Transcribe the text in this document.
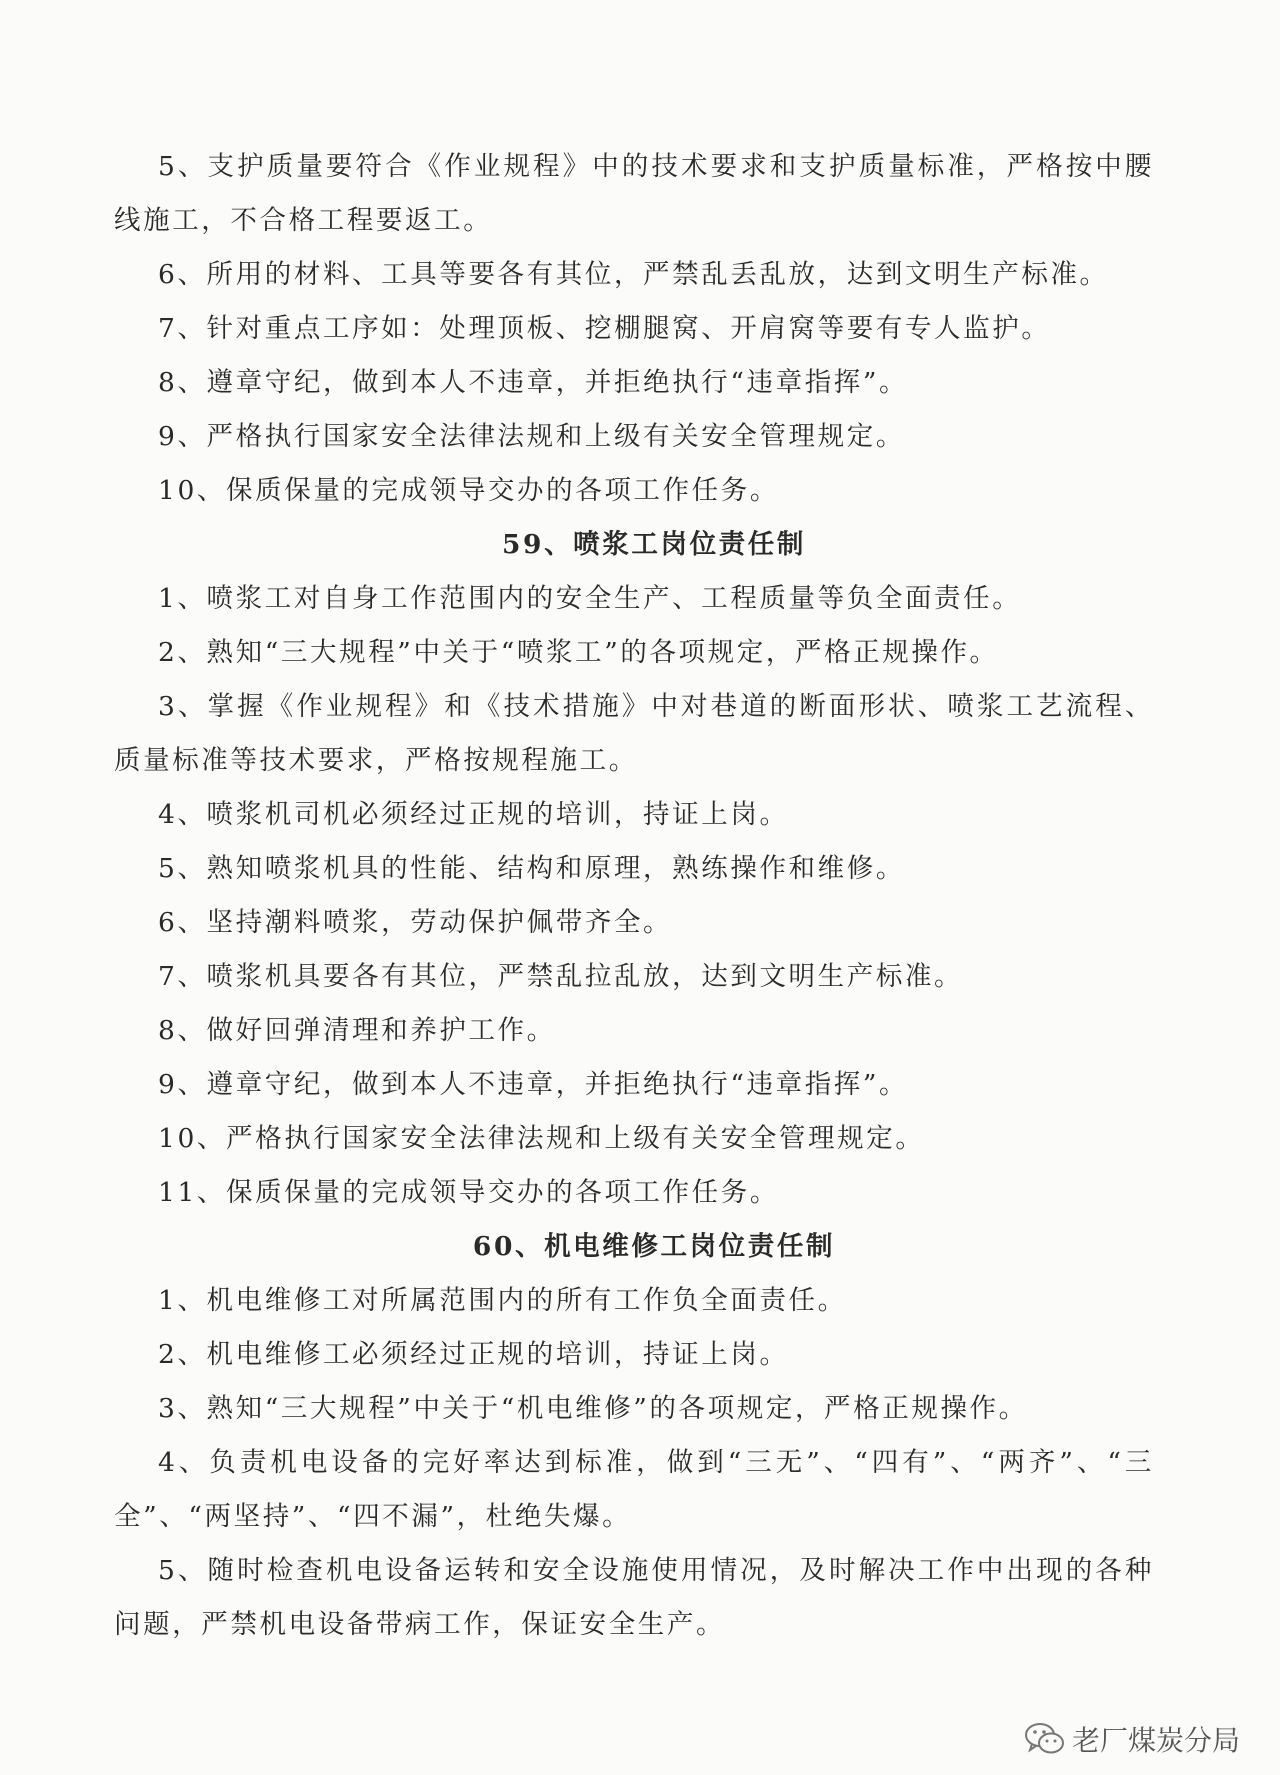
5、支护质量要符合《作业规程》中的技术要求和支护质量标准，严格按中腰线施工，不合格工程要返工。

6、所用的材料、工具等要各有其位，严禁乱丢乱放，达到文明生产标准。

7、针对重点工序如：处理顶板、挖棚腿窝、开肩窝等要有专人监护。

8、遵章守纪，做到本人不违章，并拒绝执行“违章指挥”。

9、严格执行国家安全法律法规和上级有关安全管理规定。

10、保质保量的完成领导交办的各项工作任务。

59、喷浆工岗位责任制

1、喷浆工对自身工作范围内的安全生产、工程质量等负全面责任。

2、熟知“三大规程”中关于“喷浆工”的各项规定，严格正规操作。

3、掌握《作业规程》和《技术措施》中对巷道的断面形状、喷浆工艺流程、质量标准等技术要求，严格按规程施工。

4、喷浆机司机必须经过正规的培训，持证上岗。

5、熟知喷浆机具的性能、结构和原理，熟练操作和维修。

6、坚持潮料喷浆，劳动保护佩带齐全。

7、喷浆机具要各有其位，严禁乱拉乱放，达到文明生产标准。

8、做好回弹清理和养护工作。

9、遵章守纪，做到本人不违章，并拒绝执行“违章指挥”。

10、严格执行国家安全法律法规和上级有关安全管理规定。

11、保质保量的完成领导交办的各项工作任务。

60、机电维修工岗位责任制

1、机电维修工对所属范围内的所有工作负全面责任。

2、机电维修工必须经过正规的培训，持证上岗。

3、熟知“三大规程”中关于“机电维修”的各项规定，严格正规操作。

4、负责机电设备的完好率达到标准，做到“三无”、“四有”、“两齐”、“三全”、“两坚持”、“四不漏”，杜绝失爆。

5、随时检查机电设备运转和安全设施使用情况，及时解决工作中出现的各种问题，严禁机电设备带病工作，保证安全生产。

老厂煤炭分局
